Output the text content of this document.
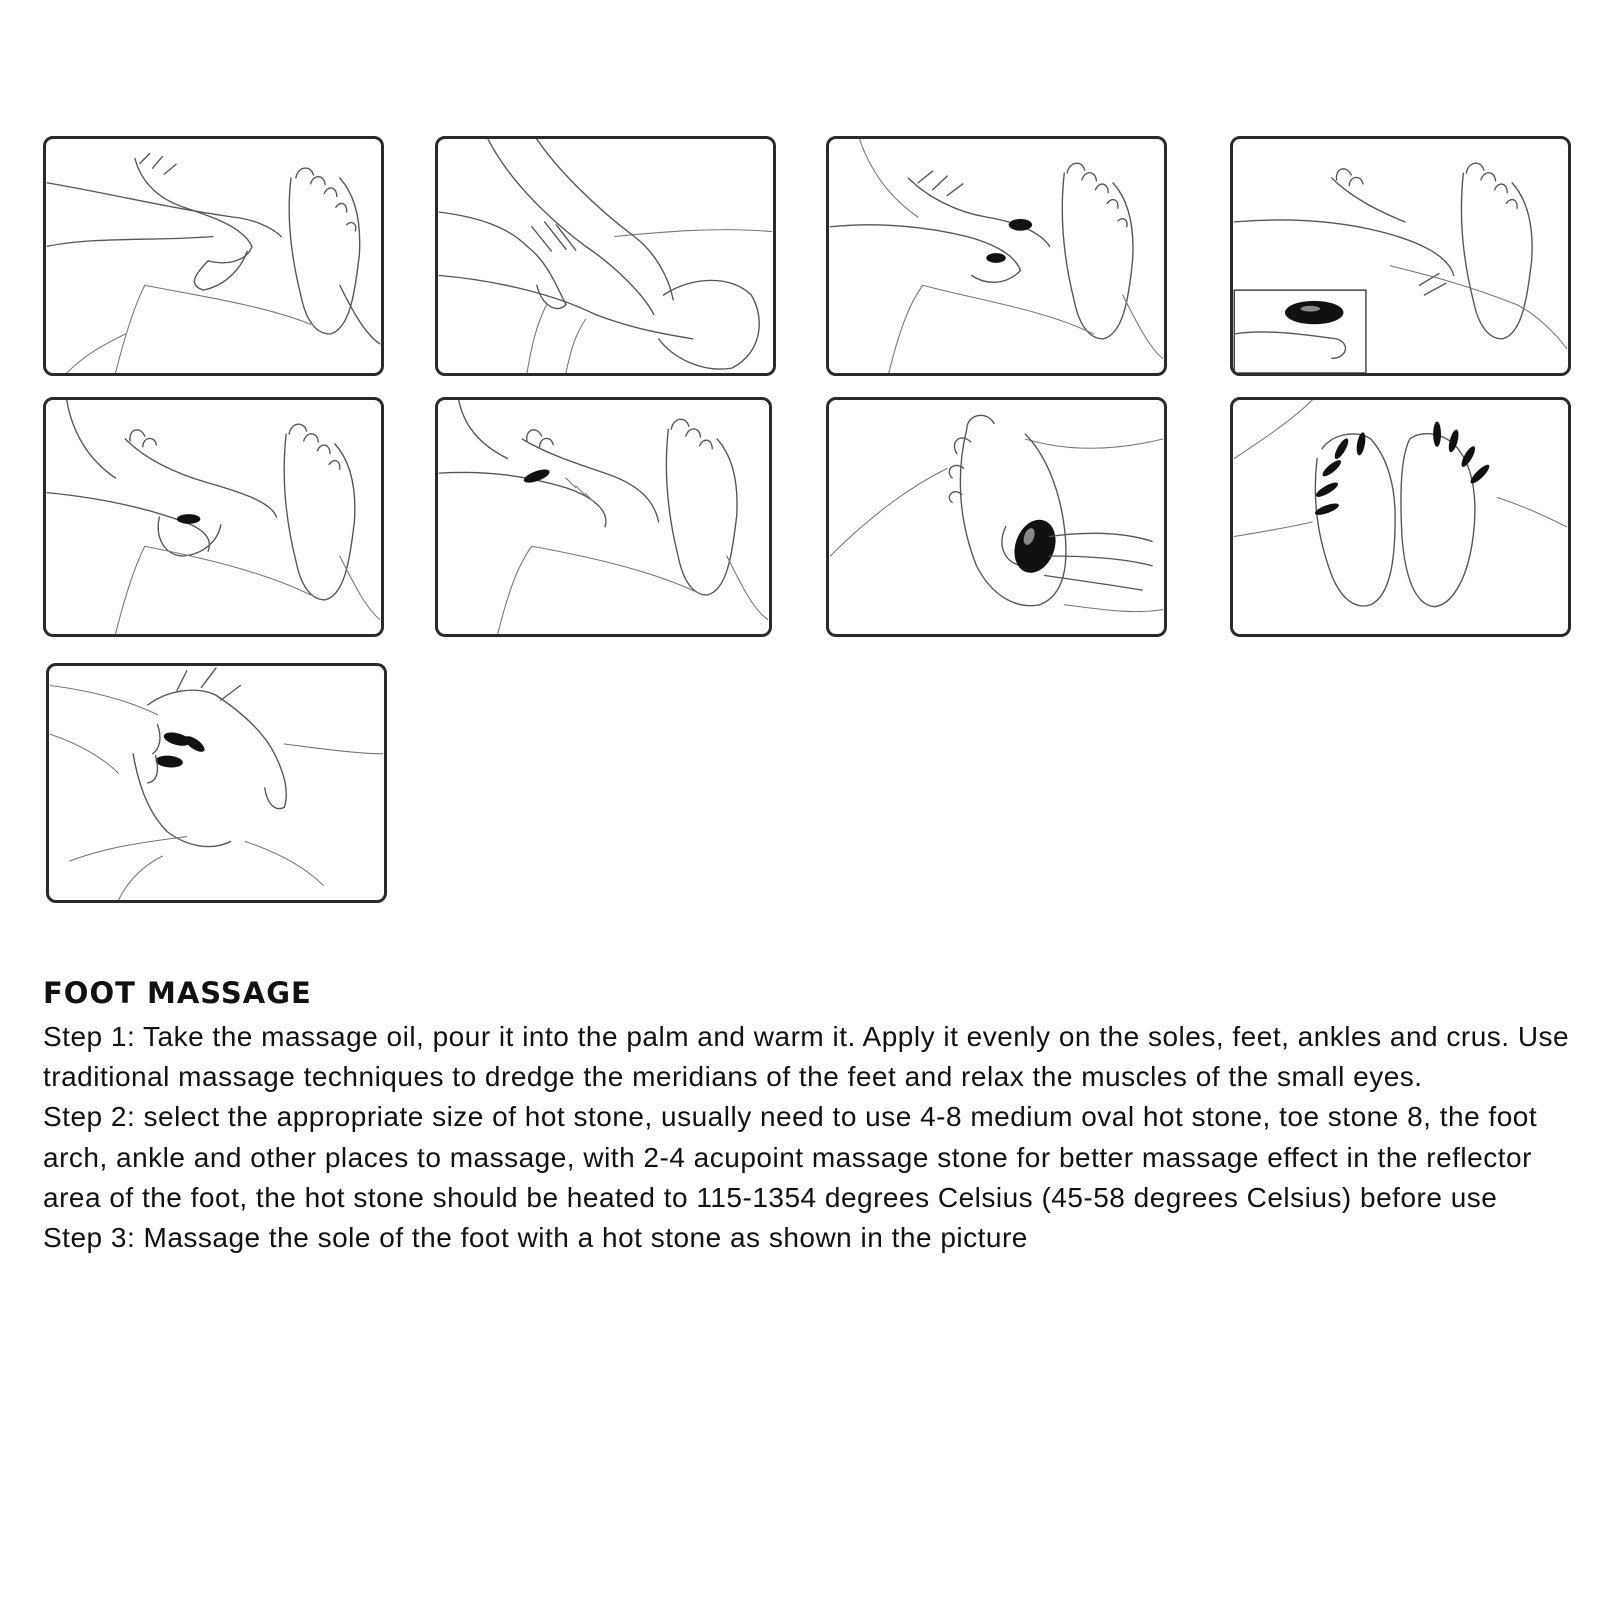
FOOT MASSAGE

Step 1: Take the massage oil, pour it into the palm and warm it. Apply it evenly on the soles, feet, ankles and crus. Use traditional massage techniques to dredge the meridians of the feet and relax the muscles of the small eyes.

Step 2: select the appropriate size of hot stone, usually need to use 4-8 medium oval hot stone, toe stone 8, the foot arch, ankle and other places to massage, with 2-4 acupoint massage stone for better massage effect in the reflector area of the foot, the hot stone should be heated to 115-1354 degrees Celsius (45-58 degrees Celsius) before use

Step 3: Massage the sole of the foot with a hot stone as shown in the picture
